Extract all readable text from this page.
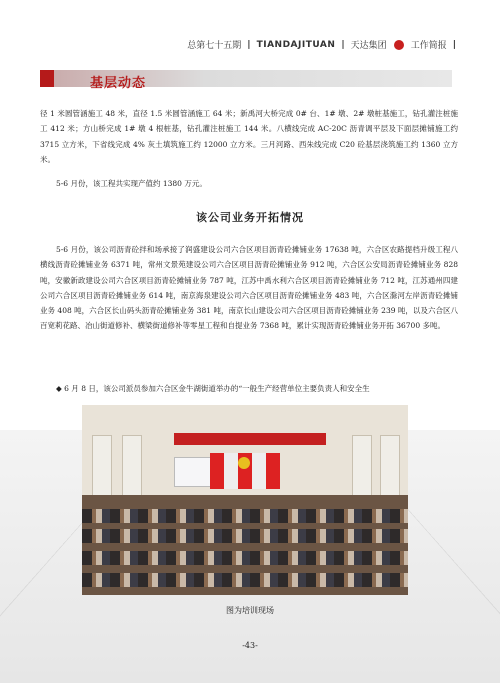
总第七十五期 | TIANDAJITUAN | 天达集团	工作简报 |
基层动态
径 1 米圆管涵施工 48 米，直径 1.5 米圆管涵施工 64 米；新禹河大桥完成 0# 台、1# 墩、2# 墩桩基施工，钻孔灌注桩施工 412 米；方山桥完成 1# 墩 4 根桩基，钻孔灌注桩施工 144 米。八横线完成 AC-20C 沥青调平层及下面层摊铺施工约 3715 立方米，下省线完成 4% 灰土填筑施工约 12000 立方米。三月河路、西朱线完成 C20 砼基层浇筑施工约 1360 立方米。
5-6 月份，该工程共实现产值约 1380 万元。
该公司业务开拓情况
5-6 月份，该公司沥青砼拌和场承接了润盛建设公司六合区项目沥青砼摊铺业务 17638 吨，六合区农路提档升级工程八横线沥青砼摊铺业务 6371 吨，常州文景苑建设公司六合区项目沥青砼摊铺业务 912 吨，六合区公安局沥青砼摊铺业务 828 吨，安徽新政建设公司六合区项目沥青砼摊铺业务 787 吨，江苏中禹水利六合区项目沥青砼摊铺业务 712 吨，江苏通州四建公司六合区项目沥青砼摊铺业务 614 吨，南京海泉建设公司六合区项目沥青砼摊铺业务 483 吨，六合区滁河左岸沥青砼摊铺业务 408 吨，六合区长山码头沥青砼摊铺业务 381 吨，南京长山建设公司六合区项目沥青砼摊铺业务 239 吨，以及六合区八百宽莉花路、冶山街道修补、横梁街道修补等零星工程和自提业务 7368 吨，累计实现沥青砼摊铺业务开拓 36700 多吨。
◆ 6 月 8 日，该公司派员参加六合区金牛湖街道举办的“一般生产经营单位主要负责人和安全生
图为培训现场
-43-
